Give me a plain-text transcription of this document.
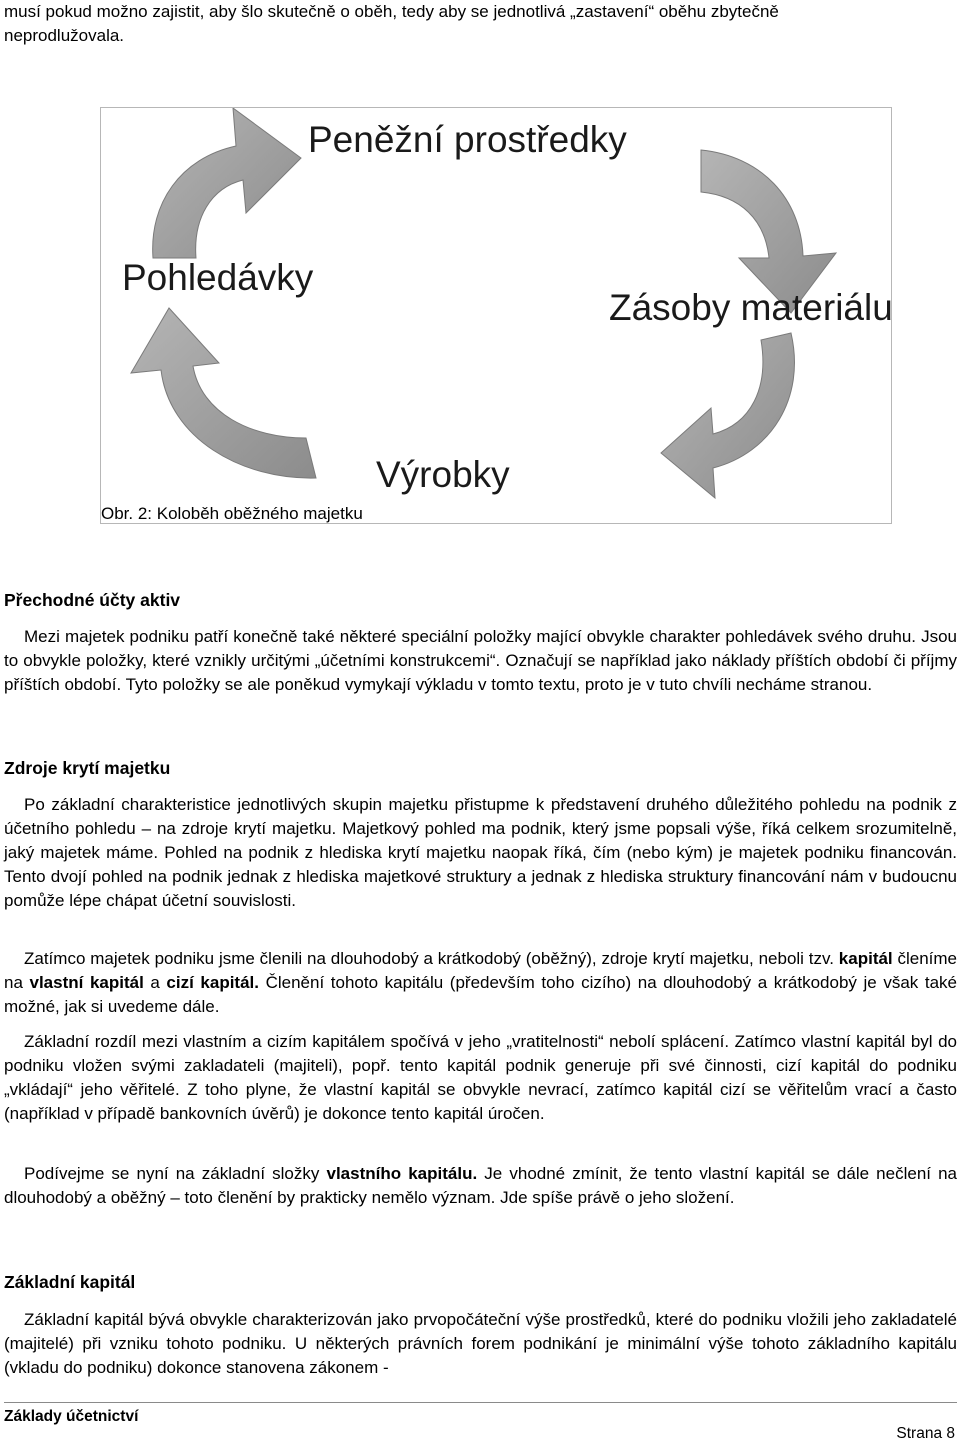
musí pokud možno zajistit, aby šlo skutečně o oběh, tedy aby se jednotlivá „zastavení“ oběhu zbytečně

neprodlužovala.

Peněžní prostředky
Pohledávky
Zásoby materiálu
Výrobky
Obr. 2: Koloběh oběžného majetku
Přechodné účty aktiv

Mezi majetek podniku patří konečně také některé speciální položky mající obvykle charakter pohledávek svého druhu. Jsou to obvykle položky, které vznikly určitými „účetními konstrukcemi“. Označují se například jako náklady příštích období či příjmy příštích období. Tyto položky se ale poněkud vymykají výkladu v tomto textu, proto je v tuto chvíli necháme stranou.

Zdroje krytí majetku

Po základní charakteristice jednotlivých skupin majetku přistupme k představení druhého důležitého pohledu na podnik z účetního pohledu – na zdroje krytí majetku. Majetkový pohled ma podnik, který jsme popsali výše, říká celkem srozumitelně, jaký majetek máme. Pohled na podnik z hlediska krytí majetku naopak říká, čím (nebo kým) je majetek podniku financován. Tento dvojí pohled na podnik jednak z hlediska majetkové struktury a jednak z hlediska struktury financování nám v budoucnu pomůže lépe chápat účetní souvislosti.

Zatímco majetek podniku jsme členili na dlouhodobý a krátkodobý (oběžný), zdroje krytí majetku, neboli tzv. kapitál členíme na vlastní kapitál a cizí kapitál. Členění tohoto kapitálu (především toho cizího) na dlouhodobý a krátkodobý je však také možné, jak si uvedeme dále.

Základní rozdíl mezi vlastním a cizím kapitálem spočívá v jeho „vratitelnosti“ nebolí splácení. Zatímco vlastní kapitál byl do podniku vložen svými zakladateli (majiteli), popř. tento kapitál podnik generuje při své činnosti, cizí kapitál do podniku „vkládají“ jeho věřitelé. Z toho plyne, že vlastní kapitál se obvykle nevrací, zatímco kapitál cizí se věřitelům vrací a často (například v případě bankovních úvěrů) je dokonce tento kapitál úročen.

Podívejme se nyní na základní složky vlastního kapitálu. Je vhodné zmínit, že tento vlastní kapitál se dále nečlení na dlouhodobý a oběžný – toto členění by prakticky nemělo význam. Jde spíše právě o jeho složení.

Základní kapitál

Základní kapitál bývá obvykle charakterizován jako prvopočáteční výše prostředků, které do podniku vložili jeho zakladatelé (majitelé) při vzniku tohoto podniku. U některých právních forem podnikání je minimální výše tohoto základního kapitálu (vkladu do podniku) dokonce stanovena zákonem -

Základy účetnictví
Strana 8
